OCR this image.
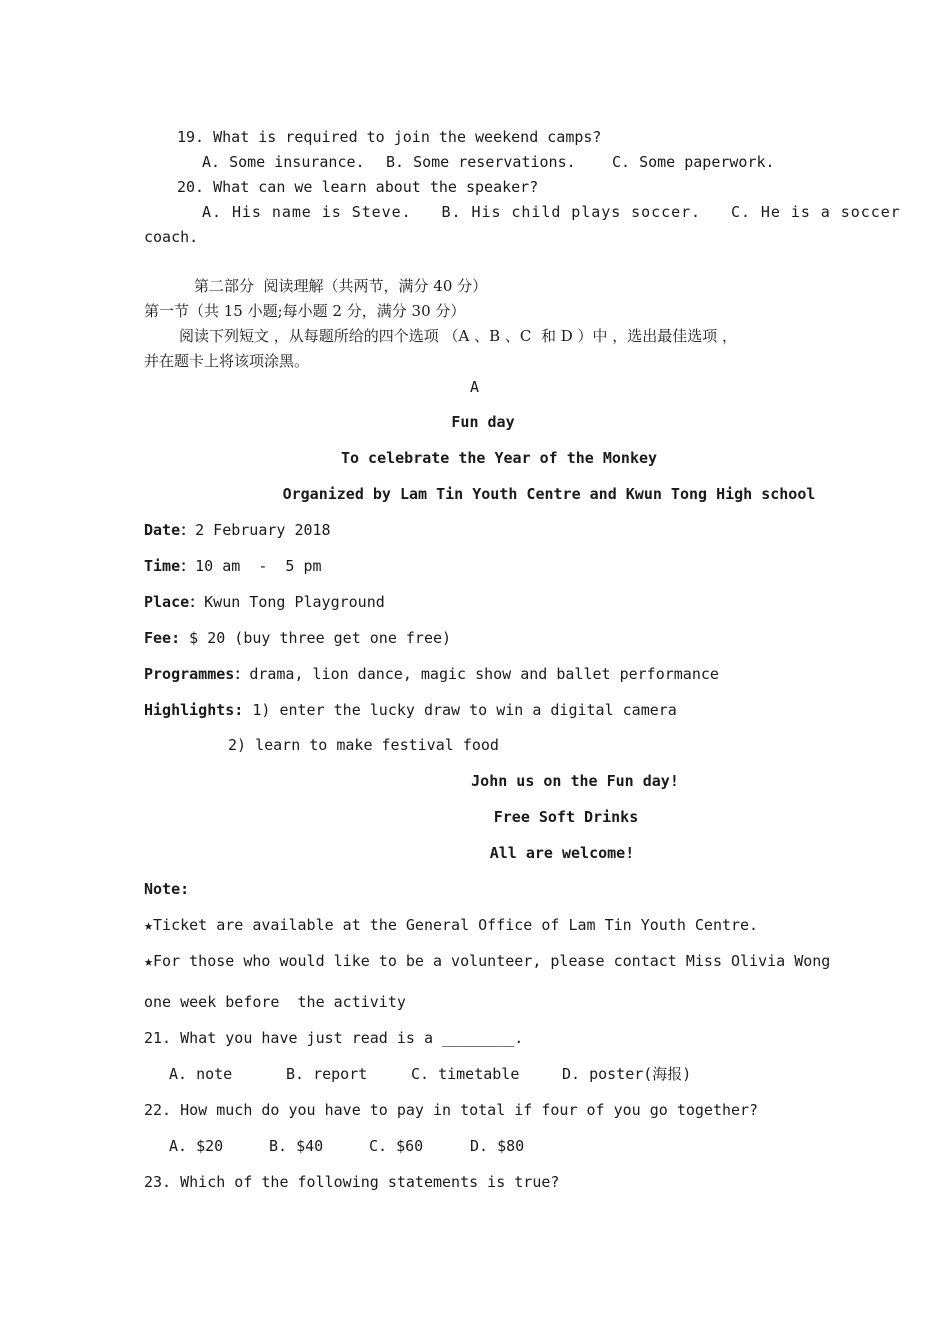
19. What is required to join the weekend camps?
A. Some insurance. B. Some reservations. C. Some paperwork.
20. What can we learn about the speaker?
A. His name is Steve.   B. His child plays soccer.   C. He is a soccer
coach.
第二部分  阅读理解（共两节，满分 40 分）
第一节（共 15 小题;每小题 2 分，满分 30 分）
阅读下列短文 ，从每题所给的四个选项 （A 、B 、C  和 D ）中 ，选出最佳选项 ，
并在题卡上将该项涂黑。
A
Fun day
To celebrate the Year of the Monkey
Organized by Lam Tin Youth Centre and Kwun Tong High school
Date：2 February 2018
Time：10 am  -  5 pm
Place：Kwun Tong Playground
Fee: $ 20 (buy three get one free)
Programmes：drama, lion dance, magic show and ballet performance
Highlights: 1) enter the lucky draw to win a digital camera
2) learn to make festival food
John us on the Fun day!
Free Soft Drinks
All are welcome!
Note:
★Ticket are available at the General Office of Lam Tin Youth Centre.
★For those who would like to be a volunteer, please contact Miss Olivia Wong
one week before  the activity
21. What you have just read is a ________.
A. note	B. report	C. timetable	D. poster(海报)
22. How much do you have to pay in total if four of you go together?
A. $20	B. $40	C. $60	D. $80
23. Which of the following statements is true?
